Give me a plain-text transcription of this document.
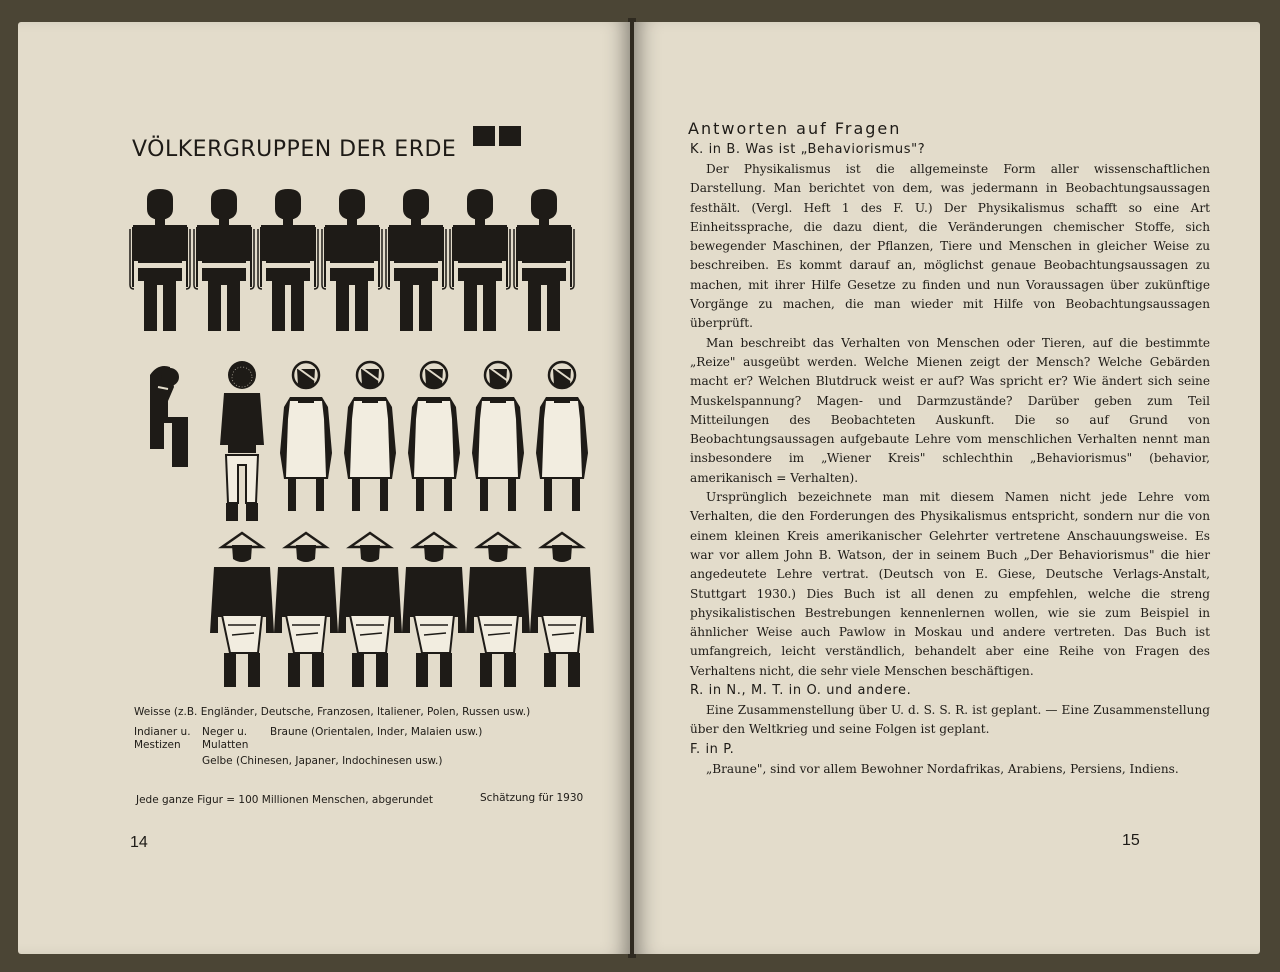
VÖLKERGRUPPEN DER ERDE
Weisse (z.B. Engländer, Deutsche, Franzosen, Italiener, Polen, Russen usw.)
Indianer u.
Mestizen
Neger u.
Mulatten
Braune (Orientalen, Inder, Malaien usw.)
Gelbe (Chinesen, Japaner, Indochinesen usw.)
Jede ganze Figur = 100 Millionen Menschen, abgerundet	Schätzung für 1930
14
Antworten auf Fragen
K. in B. Was ist „Behaviorismus"?

Der Physikalismus ist die allgemeinste Form aller wissenschaftlichen Darstellung. Man berichtet von dem, was jedermann in Beobachtungsaussagen festhält. (Vergl. Heft 1 des F. U.) Der Physikalismus schafft so eine Art Einheitssprache, die dazu dient, die Veränderungen chemischer Stoffe, sich bewegender Maschinen, der Pflanzen, Tiere und Menschen in gleicher Weise zu beschreiben. Es kommt darauf an, möglichst genaue Beobachtungsaussagen zu machen, mit ihrer Hilfe Gesetze zu finden und nun Voraussagen über zukünftige Vorgänge zu machen, die man wieder mit Hilfe von Beobachtungsaussagen überprüft.

Man beschreibt das Verhalten von Menschen oder Tieren, auf die bestimmte „Reize" ausgeübt werden. Welche Mienen zeigt der Mensch? Welche Gebärden macht er? Welchen Blutdruck weist er auf? Was spricht er? Wie ändert sich seine Muskelspannung? Magen- und Darmzustände? Darüber geben zum Teil Mitteilungen des Beobachteten Auskunft. Die so auf Grund von Beobachtungsaussagen aufgebaute Lehre vom menschlichen Verhalten nennt man insbesondere im „Wiener Kreis" schlechthin „Behaviorismus" (behavior, amerikanisch = Verhalten).

Ursprünglich bezeichnete man mit diesem Namen nicht jede Lehre vom Verhalten, die den Forderungen des Physikalismus entspricht, sondern nur die von einem kleinen Kreis amerikanischer Gelehrter vertretene Anschauungsweise. Es war vor allem John B. Watson, der in seinem Buch „Der Behaviorismus" die hier angedeutete Lehre vertrat. (Deutsch von E. Giese, Deutsche Verlags-Anstalt, Stuttgart 1930.) Dies Buch ist all denen zu empfehlen, welche die streng physikalistischen Bestrebungen kennenlernen wollen, wie sie zum Beispiel in ähnlicher Weise auch Pawlow in Moskau und andere vertreten. Das Buch ist umfangreich, leicht verständlich, behandelt aber eine Reihe von Fragen des Verhaltens nicht, die sehr viele Menschen beschäftigen.

R. in N., M. T. in O. und andere.

Eine Zusammenstellung über U. d. S. S. R. ist geplant. — Eine Zusammenstellung über den Weltkrieg und seine Folgen ist geplant.

F. in P.

„Braune", sind vor allem Bewohner Nordafrikas, Arabiens, Persiens, Indiens.

15
